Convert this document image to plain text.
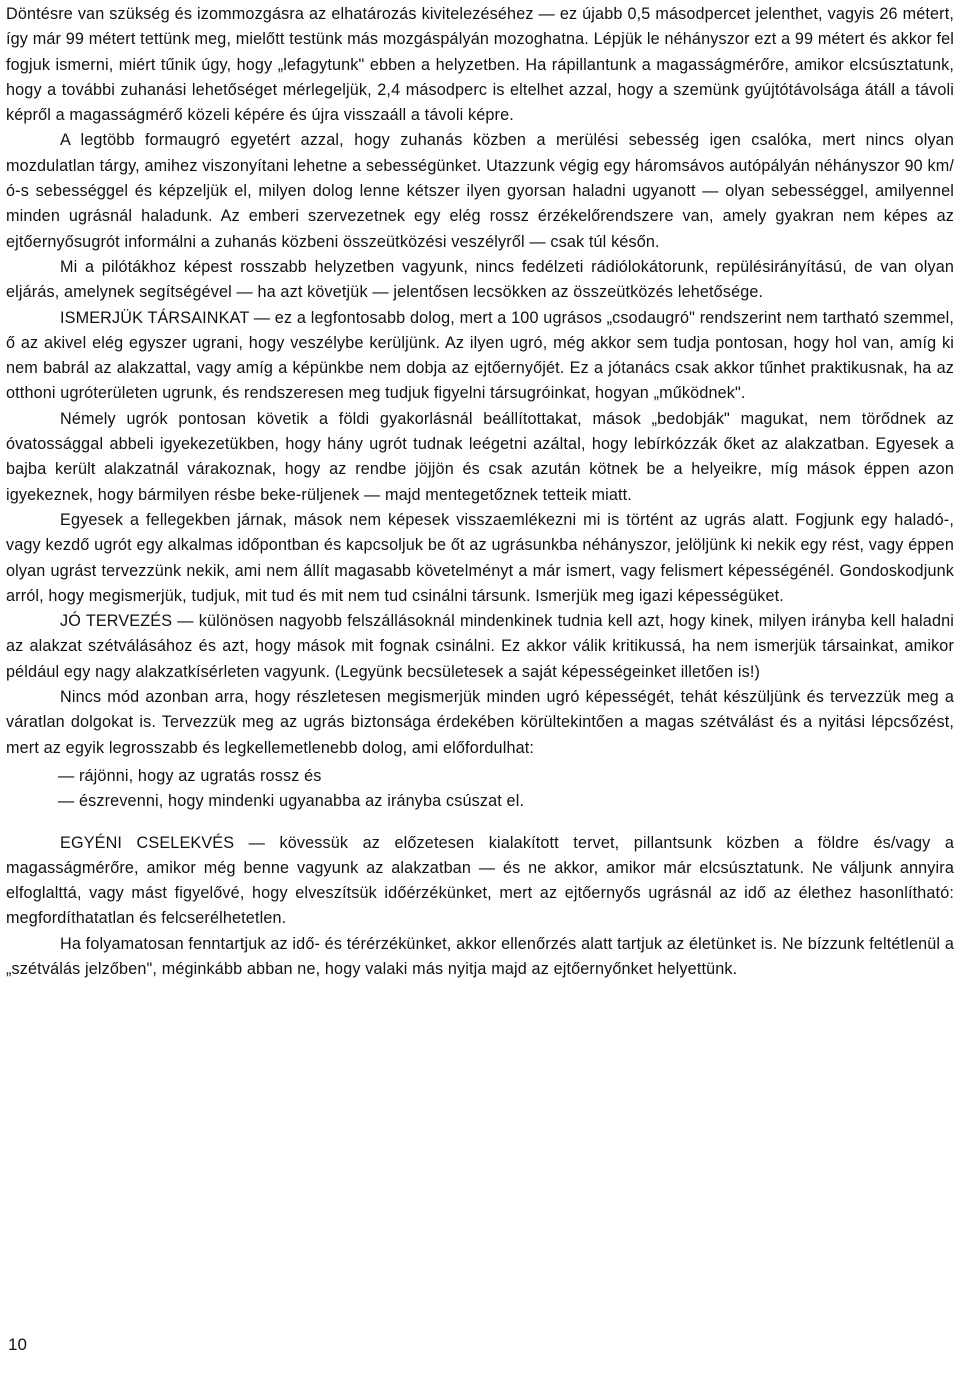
Döntésre van szükség és izommozgásra az elhatározás kivitelezéséhez — ez újabb 0,5 másodpercet jelenthet, vagyis 26 métert, így már 99 métert tettünk meg, mielőtt testünk más mozgáspályán mozoghatna. Lépjük le néhányszor ezt a 99 métert és akkor fel fogjuk ismerni, miért tűnik úgy, hogy „lefagytunk" ebben a helyzetben. Ha rápillantunk a magasságmérőre, amikor elcsúsztatunk, hogy a további zuhanási lehetőséget mérlegeljük, 2,4 másodperc is eltelhet azzal, hogy a szemünk gyújtótávolsága átáll a távoli képről a magasságmérő közeli képére és újra visszaáll a távoli képre.

A legtöbb formaugró egyetért azzal, hogy zuhanás közben a merülési sebesség igen csalóka, mert nincs olyan mozdulatlan tárgy, amihez viszonyítani lehetne a sebességünket. Utazzunk végig egy háromsávos autópályán néhányszor 90 km/ó-s sebességgel és képzeljük el, milyen dolog lenne kétszer ilyen gyorsan haladni ugyanott — olyan sebességgel, amilyennel minden ugrásnál haladunk. Az emberi szervezetnek egy elég rossz érzékelőrendszere van, amely gyakran nem képes az ejtőernyősugrót informálni a zuhanás közbeni összeütközési veszélyről — csak túl későn.

Mi a pilótákhoz képest rosszabb helyzetben vagyunk, nincs fedélzeti rádiólokátorunk, repülésirányítású, de van olyan eljárás, amelynek segítségével — ha azt követjük — jelentősen lecsökken az összeütközés lehetősége.

ISMERJÜK TÁRSAINKAT — ez a legfontosabb dolog, mert a 100 ugrásos „csodaugró" rendszerint nem tartható szemmel, ő az akivel elég egyszer ugrani, hogy veszélybe kerüljünk. Az ilyen ugró, még akkor sem tudja pontosan, hogy hol van, amíg ki nem babrál az alakzattal, vagy amíg a képünkbe nem dobja az ejtőernyőjét. Ez a jótanács csak akkor tűnhet praktikusnak, ha az otthoni ugróterületen ugrunk, és rendszeresen meg tudjuk figyelni társugróinkat, hogyan „működnek".

Némely ugrók pontosan követik a földi gyakorlásnál beállítottakat, mások „bedobják" magukat, nem törődnek az óvatossággal abbeli igyekezetükben, hogy hány ugrót tudnak leégetni azáltal, hogy lebírkózzák őket az alakzatban. Egyesek a bajba került alakzatnál várakoznak, hogy az rendbe jöjjön és csak azután kötnek be a helyeikre, míg mások éppen azon igyekeznek, hogy bármilyen résbe beke-rüljenek — majd mentegetőznek tetteik miatt.

Egyesek a fellegekben járnak, mások nem képesek visszaemlékezni mi is történt az ugrás alatt. Fogjunk egy haladó-, vagy kezdő ugrót egy alkalmas időpontban és kapcsoljuk be őt az ugrásunkba néhányszor, jelöljünk ki nekik egy rést, vagy éppen olyan ugrást tervezzünk nekik, ami nem állít magasabb követelményt a már ismert, vagy felismert képességénél. Gondoskodjunk arról, hogy megismerjük, tudjuk, mit tud és mit nem tud csinálni társunk. Ismerjük meg igazi képességüket.

JÓ TERVEZÉS — különösen nagyobb felszállásoknál mindenkinek tudnia kell azt, hogy kinek, milyen irányba kell haladni az alakzat szétválásához és azt, hogy mások mit fognak csinálni. Ez akkor válik kritikussá, ha nem ismerjük társainkat, amikor például egy nagy alakzatkísérleten vagyunk. (Legyünk becsületesek a saját képességeinket illetően is!)

Nincs mód azonban arra, hogy részletesen megismerjük minden ugró képességét, tehát készüljünk és tervezzük meg a váratlan dolgokat is. Tervezzük meg az ugrás biztonsága érdekében körültekintően a magas szétválást és a nyitási lépcsőzést, mert az egyik legrosszabb és legkellemetlenebb dolog, ami előfordulhat:

— rájönni, hogy az ugratás rossz és

— észrevenni, hogy mindenki ugyanabba az irányba csúszat el.

EGYÉNI CSELEKVÉS — kövessük az előzetesen kialakított tervet, pillantsunk közben a földre és/vagy a magasságmérőre, amikor még benne vagyunk az alakzatban — és ne akkor, amikor már elcsúsztatunk. Ne váljunk annyira elfoglalttá, vagy mást figyelővé, hogy elveszítsük időérzékünket, mert az ejtőernyős ugrásnál az idő az élethez hasonlítható: megfordíthatatlan és felcserélhetetlen.

Ha folyamatosan fenntartjuk az idő- és térérzékünket, akkor ellenőrzés alatt tartjuk az életünket is. Ne bízzunk feltétlenül a „szétválás jelzőben", méginkább abban ne, hogy valaki más nyitja majd az ejtőernyőnket helyettünk.

10
